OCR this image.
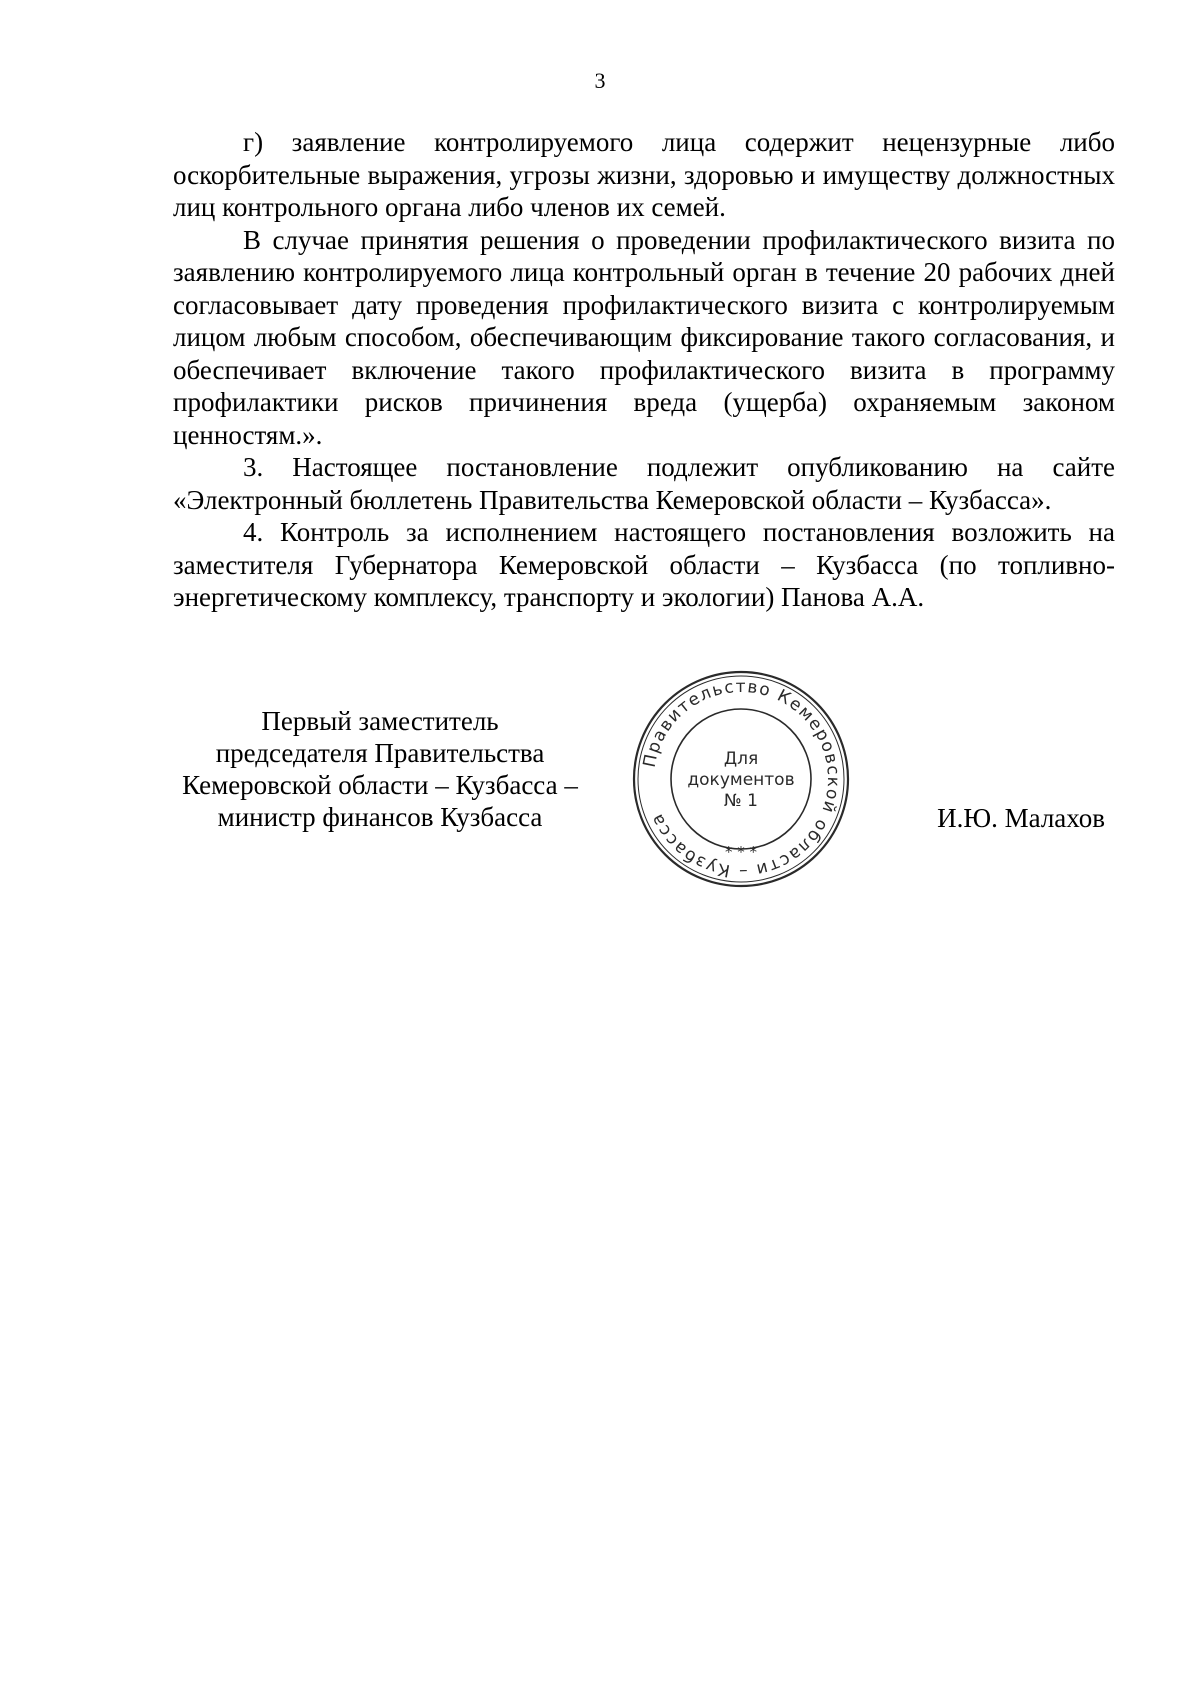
3

г) заявление контролируемого лица содержит нецензурные либо оскорбительные выражения, угрозы жизни, здоровью и имуществу должностных лиц контрольного органа либо членов их семей.

В случае принятия решения о проведении профилактического визита по заявлению контролируемого лица контрольный орган в течение 20 рабочих дней согласовывает дату проведения профилактического визита с контролируемым лицом любым способом, обеспечивающим фиксирование такого согласования, и обеспечивает включение такого профилактического визита в программу профилактики рисков причинения вреда (ущерба) охраняемым законом ценностям.».

3. Настоящее постановление подлежит опубликованию на сайте «Электронный бюллетень Правительства Кемеровской области – Кузбасса».

4. Контроль за исполнением настоящего постановления возложить на заместителя Губернатора Кемеровской области – Кузбасса (по топливно-энергетическому комплексу, транспорту и экологии) Панова А.А.

Первый заместитель
председателя Правительства
Кемеровской области – Кузбасса –
министр финансов Кузбасса
Правительство Кемеровской области – Кузбасса
* * *
Для
документов
№ 1
И.Ю. Малахов
